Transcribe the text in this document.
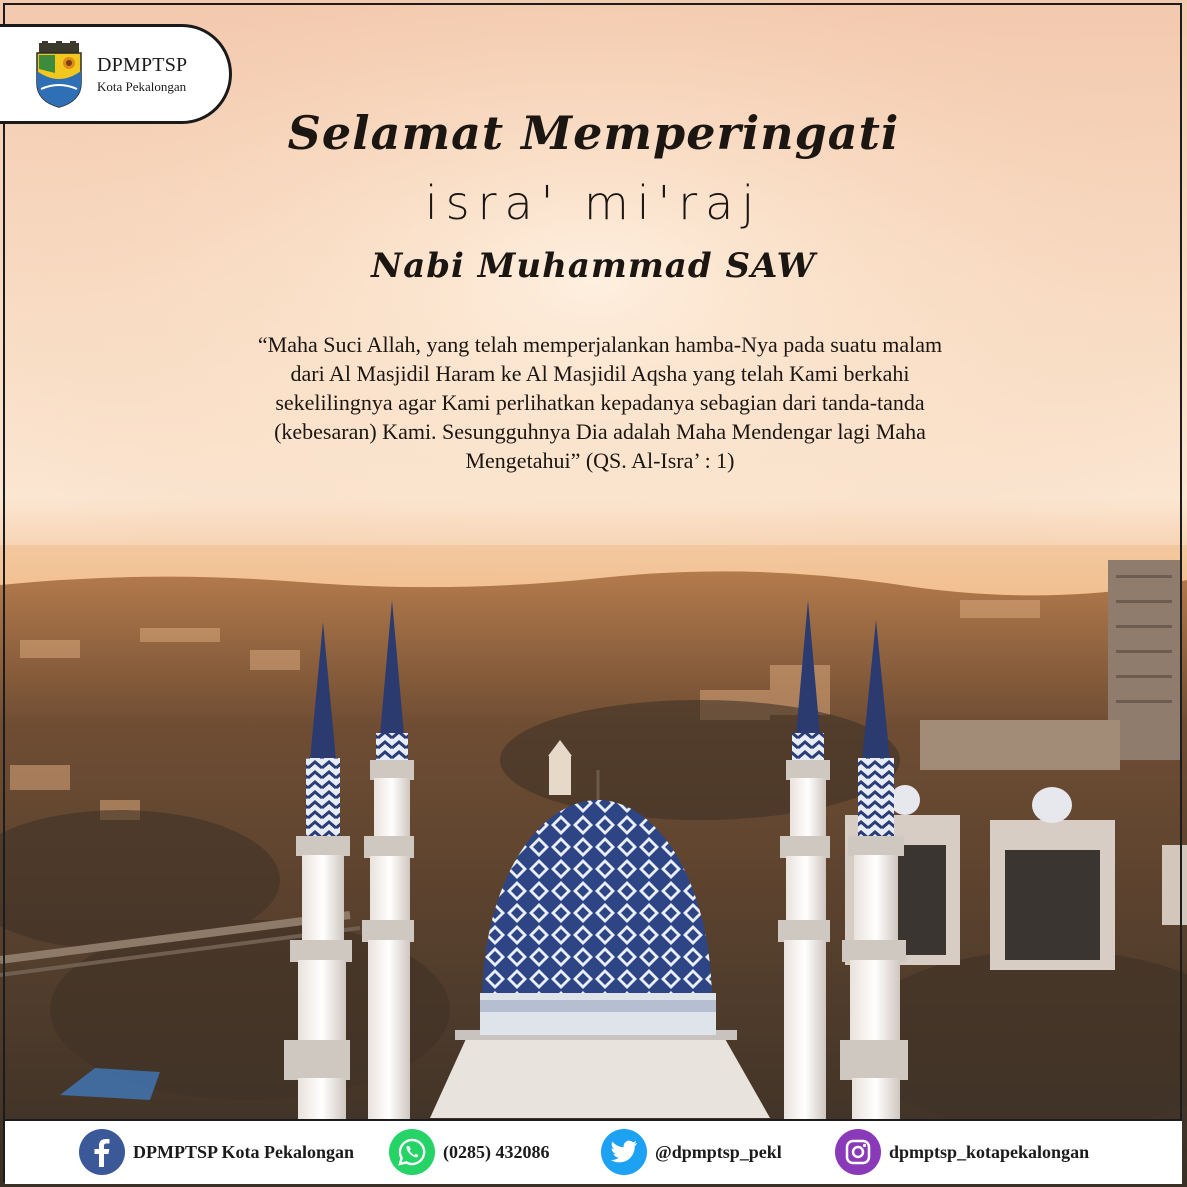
DPMPTSP
Kota Pekalongan
Selamat Memperingati
isra' mi'raj
Nabi Muhammad SAW
“Maha Suci Allah, yang telah memperjalankan hamba-Nya pada suatu malam
dari Al Masjidil Haram ke Al Masjidil Aqsha yang telah Kami berkahi
sekelilingnya agar Kami perlihatkan kepadanya sebagian dari tanda-tanda
(kebesaran) Kami. Sesungguhnya Dia adalah Maha Mendengar lagi Maha
Mengetahui” (QS. Al-Isra’ : 1)
DPMPTSP Kota Pekalongan	(0285) 432086	@dpmptsp_pekl	dpmptsp_kotapekalongan
